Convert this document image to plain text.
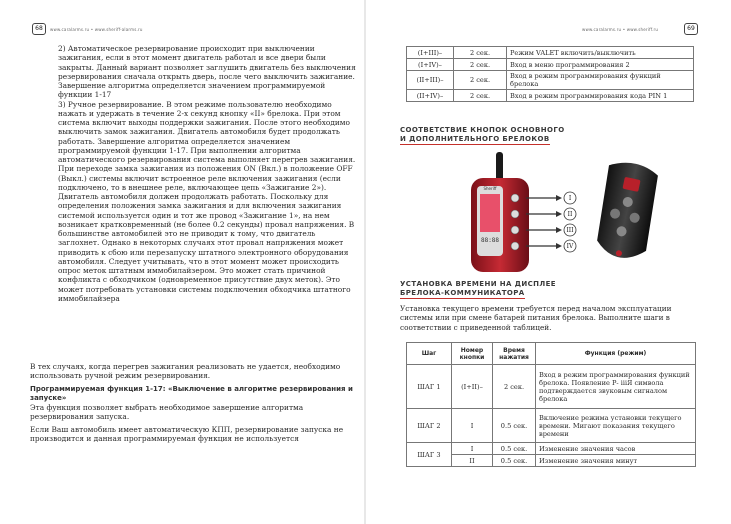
68	www.caralarms.ru • www.sheriff-alarms.ru

2) Автоматическое резервирование происходит при выключении зажигания, если в этот момент двигатель работал и все двери были закрыты. Данный вариант позволяет заглушить двигатель без выключения резервирования сначала открыть дверь, после чего выключить зажигание. Завершение алгоритма определяется значением программируемой функции 1-17

3) Ручное резервирование. В этом режиме пользователю необходимо нажать и удержать в течение 2-х секунд кнопку «II» брелока. При этом система включит выходы поддержки зажигания. После этого необходимо выключить замок зажигания. Двигатель автомобиля будет продолжать работать. Завершение алгоритма определяется значением программируемой функции 1-17. При выполнении алгоритма автоматического резервирования система выполняет перегрев зажигания. При переходе замка зажигания из положения ON (Вкл.) в положение OFF (Выкл.) системы включит встроенное реле включения зажигания (если подключено, то в внешнее реле, включающее цепь «Зажигание 2»). Двигатель автомобиля должен продолжать работать. Поскольку для определения положения замка зажигания и для включения зажигания системой используется один и тот же провод «Зажигание 1», на нем возникает кратковременный (не более 0.2 секунды) провал напряжения. В большинстве автомобилей это не приводит к тому, что двигатель заглохнет. Однако в некоторых случаях этот провал напряжения может приводить к сбою или перезапуску штатного электронного оборудования автомобиля. Следует учитывать, что в этот момент может происходить опрос меток штатным иммобилайзером. Это может стать причиной конфликта с обходчиком (одновременное присутствие двух меток). Это может потребовать установки системы подключения обходчика штатного иммобилайзера

В тех случаях, когда перегрев зажигания реализовать не удается, необходимо использовать ручной режим резервирования.

Программируемая функция 1-17: «Выключение в алгоритме резервирования и запуске»

Эта функция позволяет выбрать необходимое завершение алгоритма резервирования запуска.

Если Ваш автомобиль имеет автоматическую КПП, резервирование запуска не производится и данная программируемая функция не используется

www.caralarms.ru • www.sheriff.ru	69
(I+III)–	2 сек.	Режим VALET включить/выключить
(I+IV)–	2 сек.	Вход в меню программирования 2
(II+III)–	2 сек.	Вход в режим программирования функций брелока
(II+IV)–	2 сек.	Вход в режим программирования кода PIN 1
СООТВЕТСТВИЕ КНОПОК ОСНОВНОГО
И ДОПОЛНИТЕЛЬНОГО БРЕЛОКОВ
88:88
Sheriff
I
II
III
IV
УСТАНОВКА ВРЕМЕНИ НА ДИСПЛЕЕ
БРЕЛОКА-КОММУНИКАТОРА
Установка текущего времени требуется перед началом эксплуатации системы или при смене батарей питания брелока. Выполните шаги в соответствии с приведенной таблицей.
Шаг	Номер кнопки	Время нажатия	Функция (режим)
ШАГ 1	(I+II)–	2 сек.	Вход в режим программирования функций брелока. Появление Р- ⅲЯ символа подтверждается звуковым сигналом брелока
ШАГ 2	I	0.5 сек.	Включение режима установки текущего времени. Мигают показания текущего времени
ШАГ 3	I	0.5 сек.	Изменение значения часов
	II	0.5 сек.	Изменение значения минут
